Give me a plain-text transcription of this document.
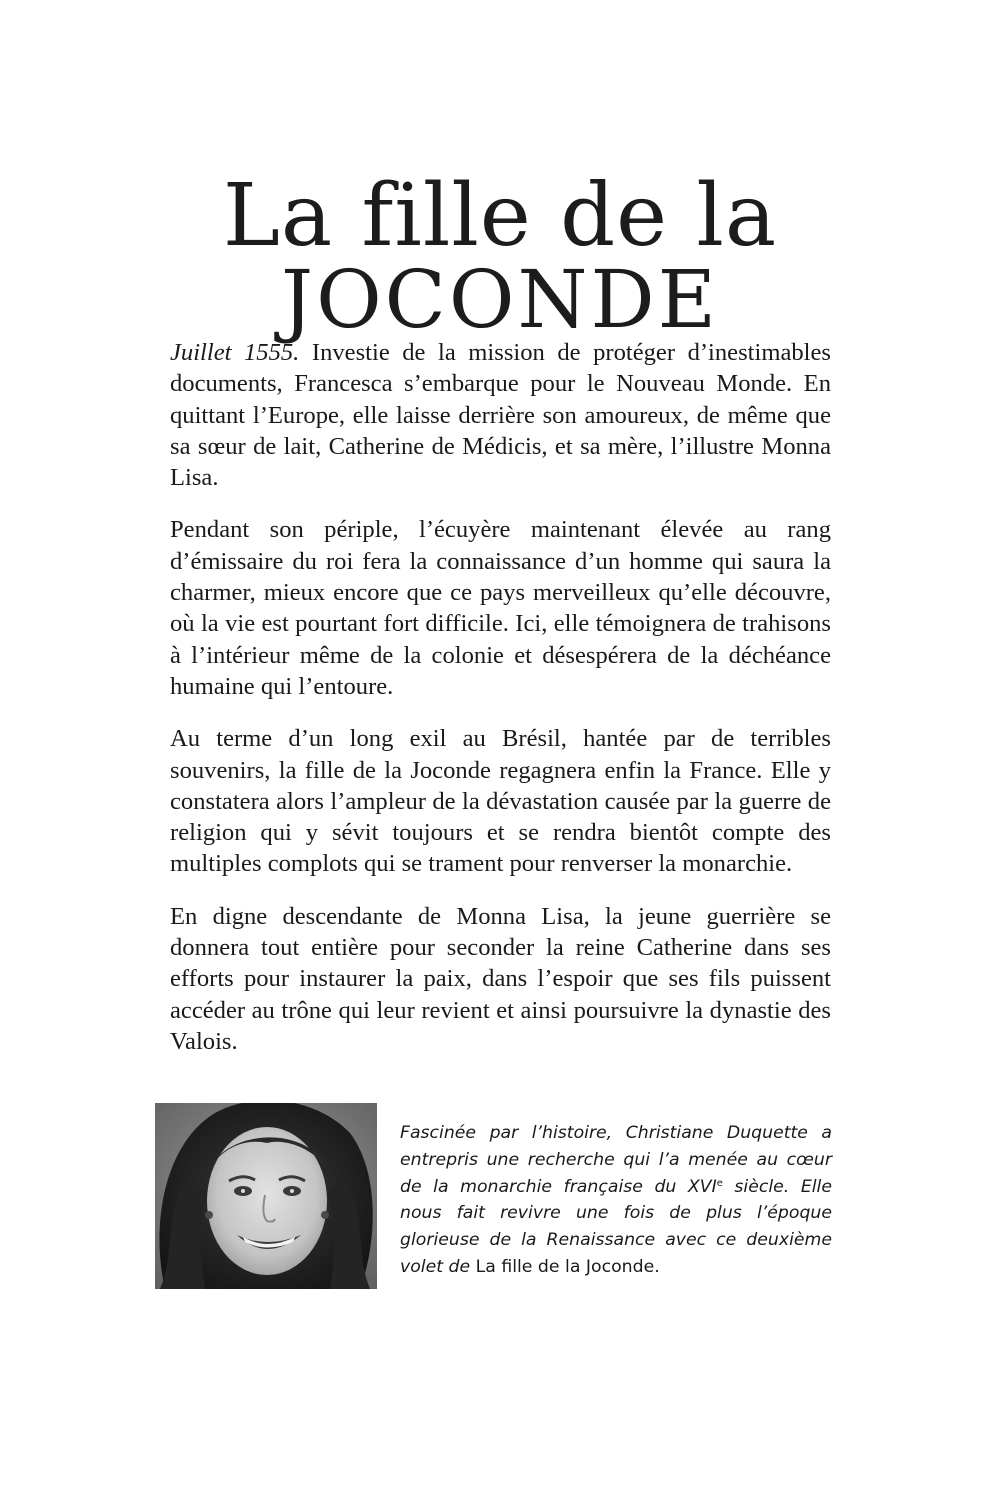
La fille de la
JOCONDE

Juillet 1555. Investie de la mission de protéger d’inestimables documents, Francesca s’embarque pour le Nouveau Monde. En quittant l’Europe, elle laisse derrière son amoureux, de même que sa sœur de lait, Catherine de Médicis, et sa mère, l’illustre Monna Lisa.

Pendant son périple, l’écuyère maintenant élevée au rang d’émissaire du roi fera la connaissance d’un homme qui saura la charmer, mieux encore que ce pays merveilleux qu’elle découvre, où la vie est pourtant fort difficile. Ici, elle témoignera de trahisons à l’intérieur même de la colonie et désespérera de la déchéance humaine qui l’entoure.

Au terme d’un long exil au Brésil, hantée par de terribles souvenirs, la fille de la Joconde regagnera enfin la France. Elle y constatera alors l’ampleur de la dévastation causée par la guerre de religion qui y sévit toujours et se rendra bientôt compte des multiples complots qui se trament pour renverser la monarchie.

En digne descendante de Monna Lisa, la jeune guerrière se donnera tout entière pour seconder la reine Catherine dans ses efforts pour instaurer la paix, dans l’espoir que ses fils puissent accéder au trône qui leur revient et ainsi poursuivre la dynastie des Valois.

Fascinée par l’histoire, Christiane Duquette a entrepris une recherche qui l’a menée au cœur de la monarchie française du XVIe siècle. Elle nous fait revivre une fois de plus l’époque glorieuse de la Renaissance avec ce deuxième volet de La fille de la Joconde.
